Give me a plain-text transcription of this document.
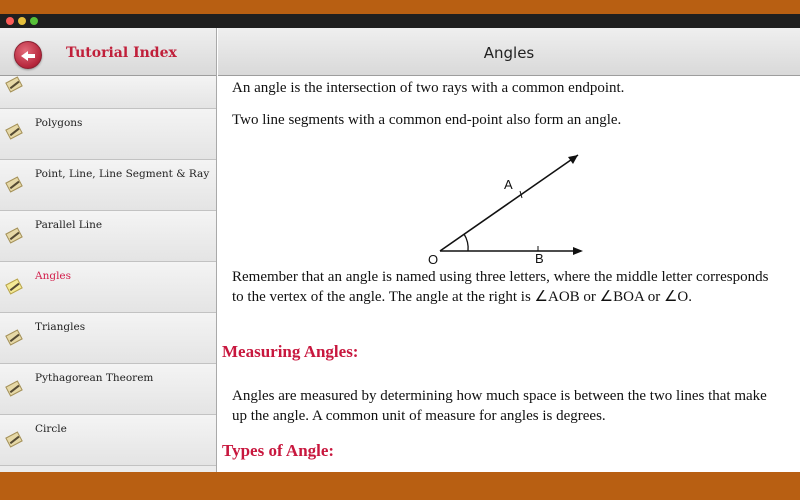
Tutorial Index
Polygons
Point, Line, Line Segment & Ray
Parallel Line
Angles
Triangles
Pythagorean Theorem
Circle
Angles

An angle is the intersection of two rays with a common endpoint.

Two line segments with a common end-point also form an angle.

A
O	B

Remember that an angle is named using three letters, where the middle letter corresponds to the vertex of the angle. The angle at the right is ∠AOB or ∠BOA or ∠O.

Measuring Angles:

Angles are measured by determining how much space is between the two lines that make up the angle. A common unit of measure for angles is degrees.

Types of Angle:
